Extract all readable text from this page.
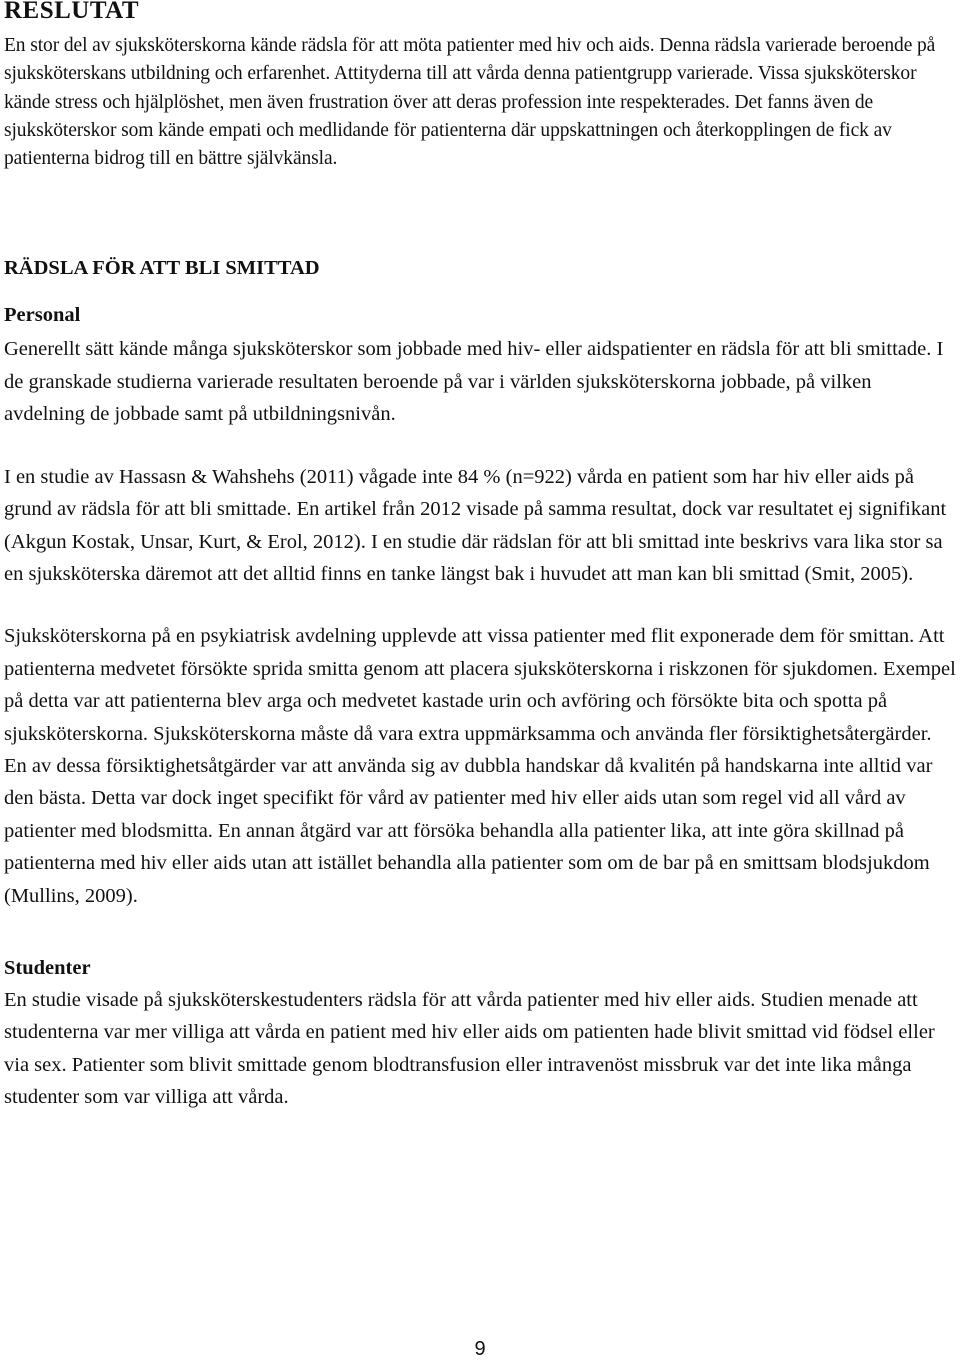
RESLUTAT

En stor del av sjuksköterskorna kände rädsla för att möta patienter med hiv och aids. Denna rädsla varierade beroende på sjuksköterskans utbildning och erfarenhet. Attityderna till att vårda denna patientgrupp varierade. Vissa sjuksköterskor kände stress och hjälplöshet, men även frustration över att deras profession inte respekterades. Det fanns även de sjuksköterskor som kände empati och medlidande för patienterna där uppskattningen och återkopplingen de fick av patienterna bidrog till en bättre självkänsla.

RÄDSLA FÖR ATT BLI SMITTAD
Personal

Generellt sätt kände många sjuksköterskor som jobbade med hiv- eller aidspatienter en rädsla för att bli smittade. I de granskade studierna varierade resultaten beroende på var i världen sjuksköterskorna jobbade, på vilken avdelning de jobbade samt på utbildningsnivån.

I en studie av Hassasn & Wahshehs (2011) vågade inte 84 % (n=922) vårda en patient som har hiv eller aids på grund av rädsla för att bli smittade. En artikel från 2012 visade på samma resultat, dock var resultatet ej signifikant (Akgun Kostak, Unsar, Kurt, & Erol, 2012). I en studie där rädslan för att bli smittad inte beskrivs vara lika stor sa en sjuksköterska däremot att det alltid finns en tanke längst bak i huvudet att man kan bli smittad (Smit, 2005).

Sjuksköterskorna på en psykiatrisk avdelning upplevde att vissa patienter med flit exponerade dem för smittan. Att patienterna medvetet försökte sprida smitta genom att placera sjuksköterskorna i riskzonen för sjukdomen. Exempel på detta var att patienterna blev arga och medvetet kastade urin och avföring och försökte bita och spotta på sjuksköterskorna. Sjuksköterskorna måste då vara extra uppmärksamma och använda fler försiktighetsåtergärder. En av dessa försiktighetsåtgärder var att använda sig av dubbla handskar då kvalitén på handskarna inte alltid var den bästa. Detta var dock inget specifikt för vård av patienter med hiv eller aids utan som regel vid all vård av patienter med blodsmitta. En annan åtgärd var att försöka behandla alla patienter lika, att inte göra skillnad på patienterna med hiv eller aids utan att istället behandla alla patienter som om de bar på en smittsam blodsjukdom (Mullins, 2009).

Studenter

En studie visade på sjuksköterskestudenters rädsla för att vårda patienter med hiv eller aids. Studien menade att studenterna var mer villiga att vårda en patient med hiv eller aids om patienten hade blivit smittad vid födsel eller via sex. Patienter som blivit smittade genom blodtransfusion eller intravenöst missbruk var det inte lika många studenter som var villiga att vårda.

9
